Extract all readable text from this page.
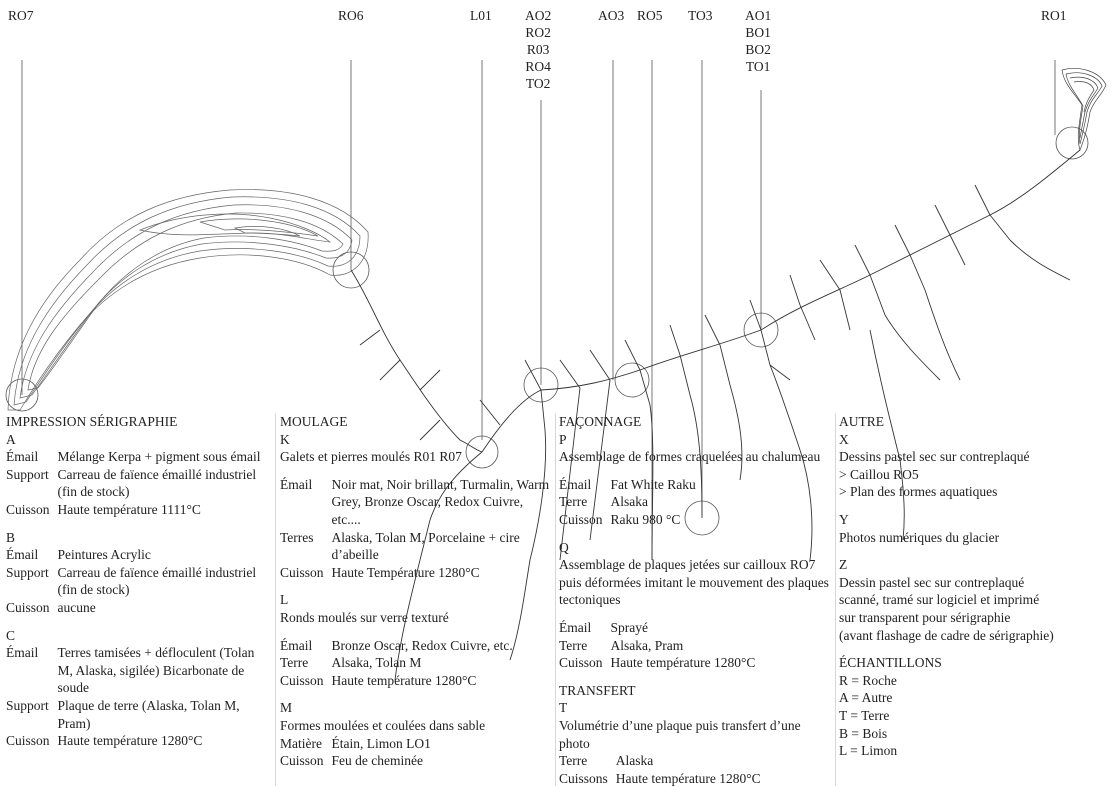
RO7	RO6	L01 AO2
RO2
R03
RO4
TO2
AO3 RO5 TO3 AO1
BO1
BO2
TO1
RO1
IMPRESSION SÉRIGRAPHIE
A
Émail	Mélange Kerpa + pigment sous émail
Support	Carreau de faïence émaillé industriel (fin de stock)
Cuisson	Haute température 1111°C
B
Émail	Peintures Acrylic
Support	Carreau de faïence émaillé industriel (fin de stock)
Cuisson	aucune
C
Émail	Terres tamisées + défloculent (Tolan M, Alaska, sigilée) Bicarbonate de soude
Support	Plaque de terre (Alaska, Tolan M, Pram)
Cuisson	Haute température 1280°C
MOULAGE
K
Galets et pierres moulés R01 R07
Émail	Noir mat, Noir brillant, Turmalin, Warm Grey, Bronze Oscar, Redox Cuivre, etc....
Terres	Alaska, Tolan M, Porcelaine + cire d’abeille
Cuisson	Haute Température 1280°C
L
Ronds moulés sur verre texturé
Émail	Bronze Oscar, Redox Cuivre, etc.
Terre	Alsaka, Tolan M
Cuisson	Haute température 1280°C
M
Formes moulées et coulées dans sable
Matière	Étain, Limon LO1
Cuisson	Feu de cheminée
FAÇONNAGE
P
Assemblage de formes craquelées au chalumeau
Émail	Fat White Raku
Terre	Alsaka
Cuisson	Raku 980 °C
Q
Assemblage de plaques jetées sur cailloux RO7 puis déformées imitant le mouvement des plaques tectoniques
Émail	Sprayé
Terre	Alsaka, Pram
Cuisson	Haute température 1280°C
TRANSFERT
T
Volumétrie d’une plaque puis transfert d’une photo
Terre	Alaska
Cuissons	Haute température 1280°C
AUTRE
X
Dessins pastel sec sur contreplaqué
> Caillou RO5
> Plan des formes aquatiques
Y
Photos numériques du glacier
Z
Dessin pastel sec sur contreplaqué
scanné, tramé sur logiciel et imprimé
sur transparent pour sérigraphie
(avant flashage de cadre de sérigraphie)
ÉCHANTILLONS
R = Roche
A = Autre
T = Terre
B = Bois
L = Limon
